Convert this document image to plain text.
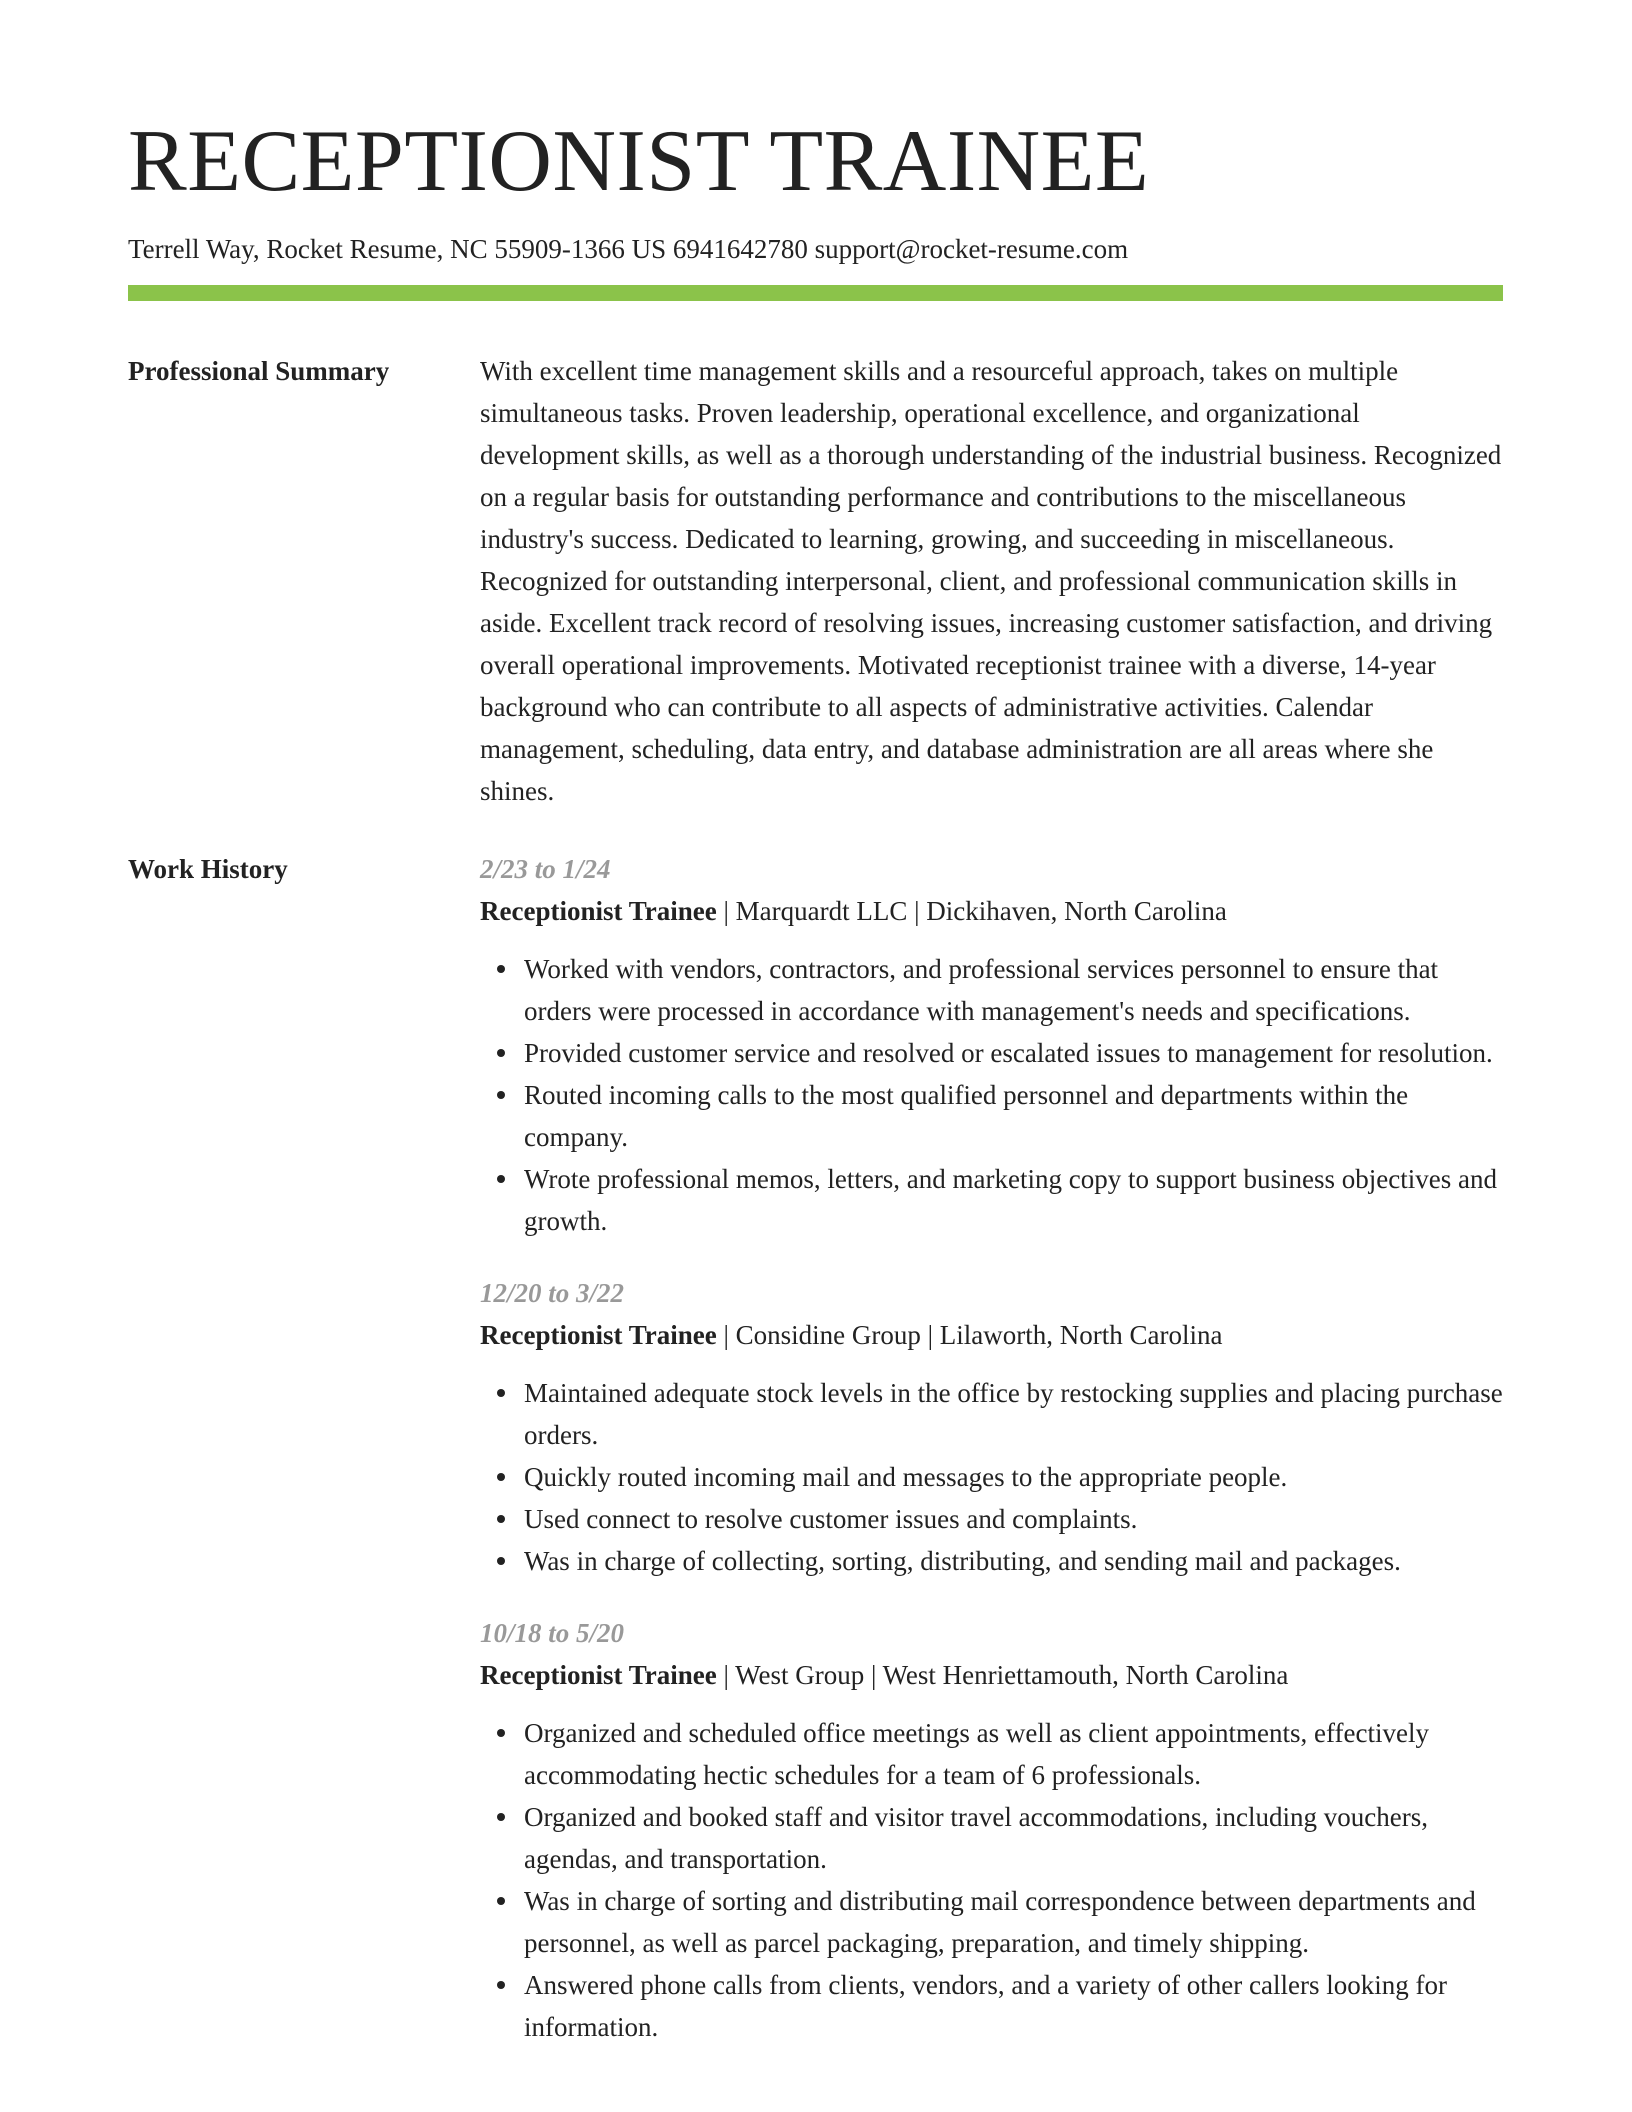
RECEPTIONIST TRAINEE
Terrell Way, Rocket Resume, NC 55909-1366 US 6941642780 support@rocket-resume.com
Professional Summary	With excellent time management skills and a resourceful approach, takes on multiple simultaneous tasks. Proven leadership, operational excellence, and organizational development skills, as well as a thorough understanding of the industrial business. Recognized on a regular basis for outstanding performance and contributions to the miscellaneous industry's success. Dedicated to learning, growing, and succeeding in miscellaneous. Recognized for outstanding interpersonal, client, and professional communication skills in aside. Excellent track record of resolving issues, increasing customer satisfaction, and driving overall operational improvements. Motivated receptionist trainee with a diverse, 14-year background who can contribute to all aspects of administrative activities. Calendar management, scheduling, data entry, and database administration are all areas where she shines.

Work History	2/23 to 1/24
Receptionist Trainee | Marquardt LLC | Dickihaven, North Carolina
Worked with vendors, contractors, and professional services personnel to ensure that orders were processed in accordance with management's needs and specifications.
Provided customer service and resolved or escalated issues to management for resolution.
Routed incoming calls to the most qualified personnel and departments within the company.
Wrote professional memos, letters, and marketing copy to support business objectives and growth.
12/20 to 3/22
Receptionist Trainee | Considine Group | Lilaworth, North Carolina
Maintained adequate stock levels in the office by restocking supplies and placing purchase orders.
Quickly routed incoming mail and messages to the appropriate people.
Used connect to resolve customer issues and complaints.
Was in charge of collecting, sorting, distributing, and sending mail and packages.
10/18 to 5/20
Receptionist Trainee | West Group | West Henriettamouth, North Carolina
Organized and scheduled office meetings as well as client appointments, effectively accommodating hectic schedules for a team of 6 professionals.
Organized and booked staff and visitor travel accommodations, including vouchers, agendas, and transportation.
Was in charge of sorting and distributing mail correspondence between departments and personnel, as well as parcel packaging, preparation, and timely shipping.
Answered phone calls from clients, vendors, and a variety of other callers looking for information.
